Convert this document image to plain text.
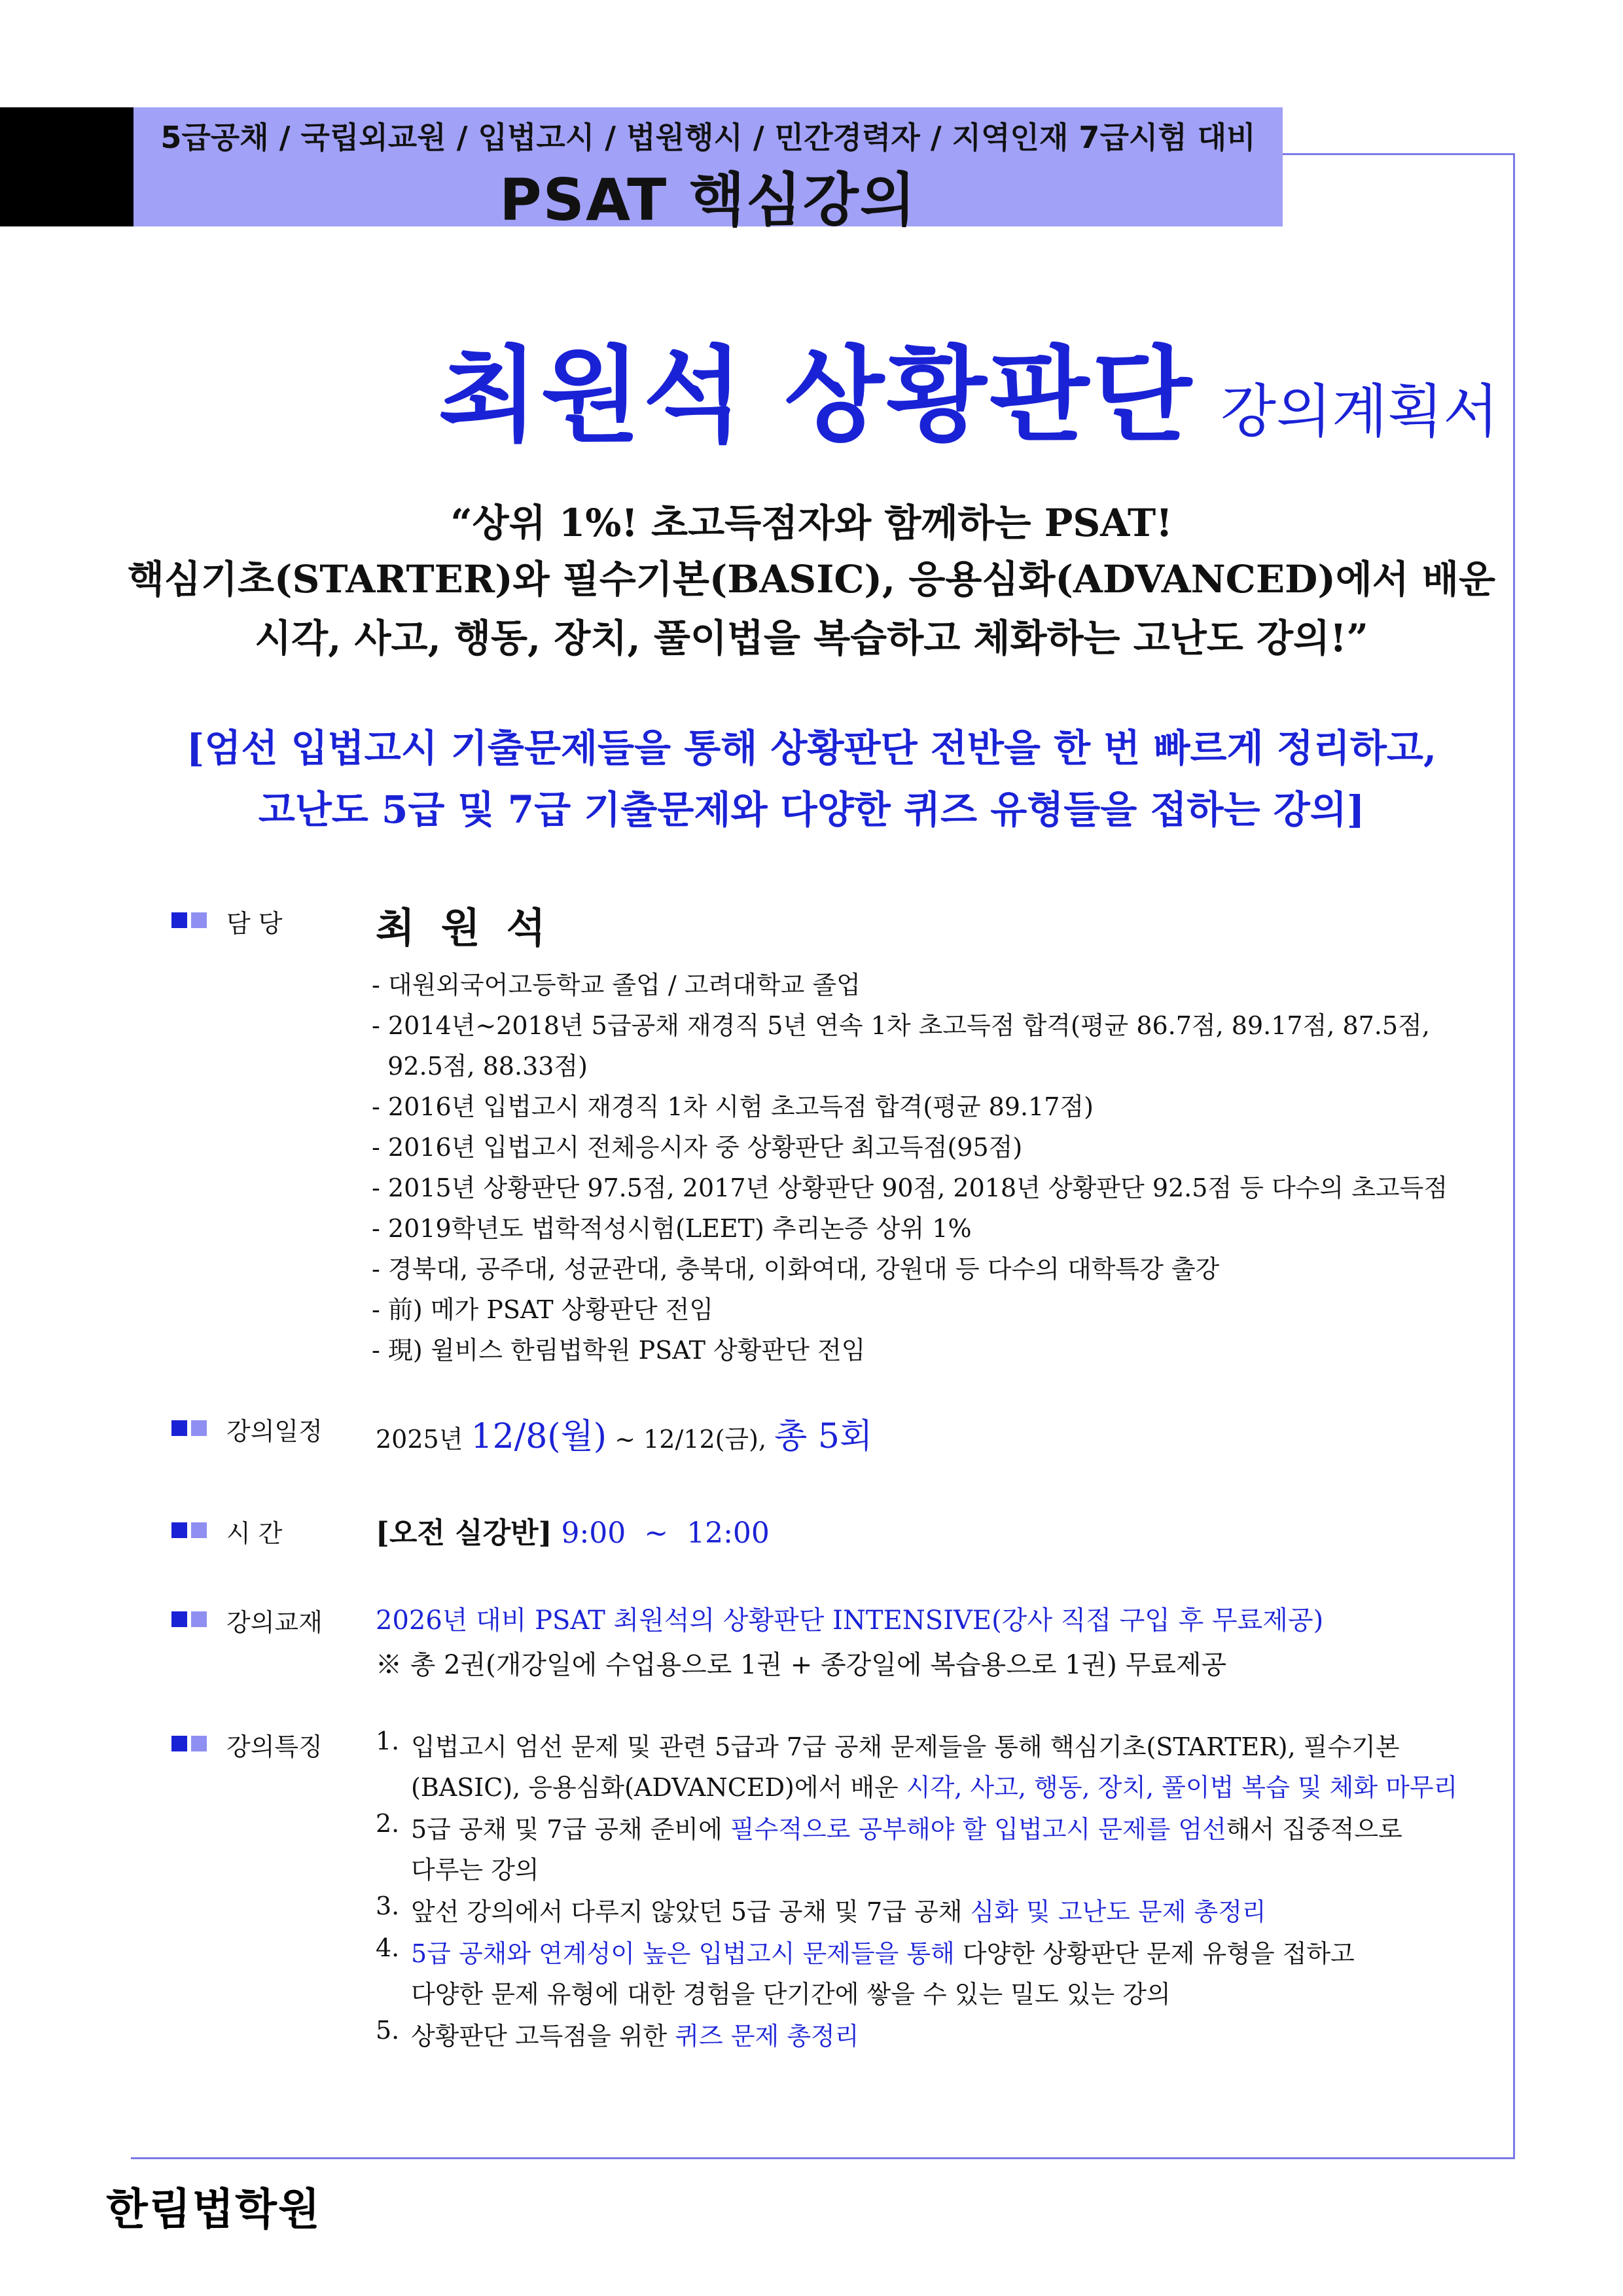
5급공채 / 국립외교원 / 입법고시 / 법원행시 / 민간경력자 / 지역인재 7급시험 대비
PSAT 핵심강의
최원석 상황판단 강의계획서
“상위 1%! 초고득점자와 함께하는 PSAT!
핵심기초(STARTER)와 필수기본(BASIC), 응용심화(ADVANCED)에서 배운
시각, 사고, 행동, 장치, 풀이법을 복습하고 체화하는 고난도 강의!”
[엄선 입법고시 기출문제들을 통해 상황판단 전반을 한 번 빠르게 정리하고,
고난도 5급 및 7급 기출문제와 다양한 퀴즈 유형들을 접하는 강의]
담 당 최원석
- 대원외국어고등학교 졸업 / 고려대학교 졸업
- 2014년~2018년 5급공채 재경직 5년 연속 1차 초고득점 합격(평균 86.7점, 89.17점, 87.5점,
92.5점, 88.33점)
- 2016년 입법고시 재경직 1차 시험 초고득점 합격(평균 89.17점)
- 2016년 입법고시 전체응시자 중 상황판단 최고득점(95점)
- 2015년 상황판단 97.5점, 2017년 상황판단 90점, 2018년 상황판단 92.5점 등 다수의 초고득점
- 2019학년도 법학적성시험(LEET) 추리논증 상위 1%
- 경북대, 공주대, 성균관대, 충북대, 이화여대, 강원대 등 다수의 대학특강 출강
- 前) 메가 PSAT 상황판단 전임
- 現) 윌비스 한림법학원 PSAT 상황판단 전임
강의일정 2025년 12/8(월) ~ 12/12(금), 총 5회
시 간	[오전 실강반] 9:00  ~  12:00
강의교재 2026년 대비 PSAT 최원석의 상황판단 INTENSIVE(강사 직접 구입 후 무료제공)
※ 총 2권(개강일에 수업용으로 1권 + 종강일에 복습용으로 1권) 무료제공
강의특징 1. 입법고시 엄선 문제 및 관련 5급과 7급 공채 문제들을 통해 핵심기초(STARTER), 필수기본
(BASIC), 응용심화(ADVANCED)에서 배운 시각, 사고, 행동, 장치, 풀이법 복습 및 체화 마무리
2. 5급 공채 및 7급 공채 준비에 필수적으로 공부해야 할 입법고시 문제를 엄선해서 집중적으로
다루는 강의
3. 앞선 강의에서 다루지 않았던 5급 공채 및 7급 공채 심화 및 고난도 문제 총정리
4. 5급 공채와 연계성이 높은 입법고시 문제들을 통해 다양한 상황판단 문제 유형을 접하고
다양한 문제 유형에 대한 경험을 단기간에 쌓을 수 있는 밀도 있는 강의
5. 상황판단 고득점을 위한 퀴즈 문제 총정리
한림법학원
